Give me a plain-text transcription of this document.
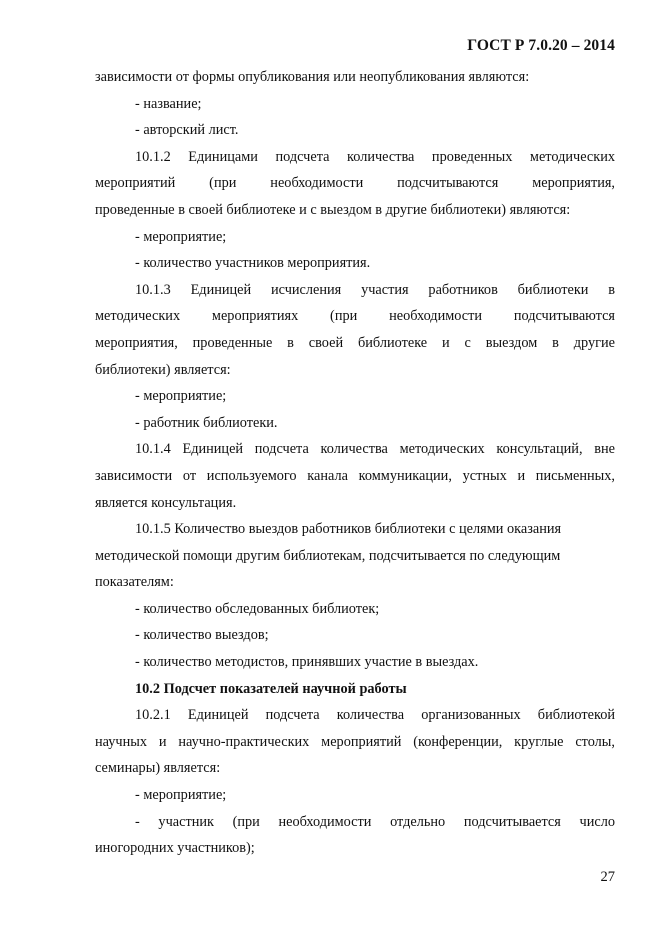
ГОСТ Р 7.0.20 – 2014
зависимости от формы опубликования или неопубликования являются:
- название;
- авторский лист.
10.1.2 Единицами подсчета количества проведенных методических
мероприятий (при необходимости подсчитываются мероприятия,
проведенные в своей библиотеке и с выездом в другие библиотеки) являются:
- мероприятие;
- количество участников мероприятия.
10.1.3 Единицей исчисления участия работников библиотеки в
методических мероприятиях (при необходимости подсчитываются
мероприятия, проведенные в своей библиотеке и с выездом в другие
библиотеки) является:
- мероприятие;
- работник библиотеки.
10.1.4 Единицей подсчета количества методических консультаций, вне
зависимости от используемого канала коммуникации, устных и письменных,
является консультация.
10.1.5 Количество выездов работников библиотеки с целями оказания
методической помощи другим библиотекам, подсчитывается по следующим
показателям:
- количество обследованных библиотек;
- количество выездов;
- количество методистов, принявших участие в выездах.
10.2 Подсчет показателей научной работы
10.2.1 Единицей подсчета количества организованных библиотекой
научных и научно-практических мероприятий (конференции, круглые столы,
семинары) является:
- мероприятие;
- участник (при необходимости отдельно подсчитывается число
иногородних участников);
27
